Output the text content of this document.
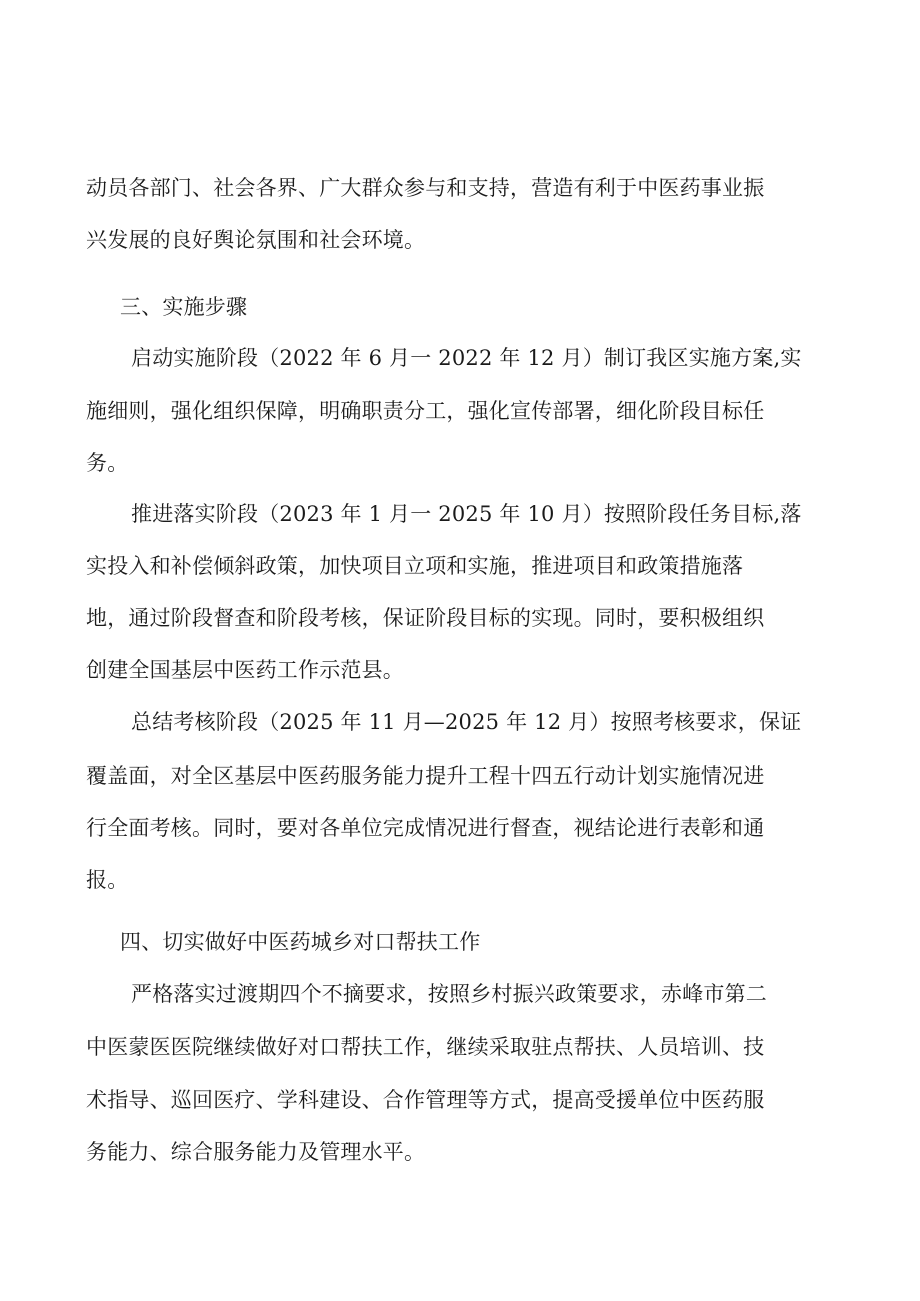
动员各部门、社会各界、广大群众参与和支持，营造有利于中医药事业振
兴发展的良好舆论氛围和社会环境。
三、实施步骤
启动实施阶段（2022 年 6 月一 2022 年 12 月）制订我区实施方案,实
施细则，强化组织保障，明确职责分工，强化宣传部署，细化阶段目标任
务。
推进落实阶段（2023 年 1 月一 2025 年 10 月）按照阶段任务目标,落
实投入和补偿倾斜政策，加快项目立项和实施，推进项目和政策措施落
地，通过阶段督查和阶段考核，保证阶段目标的实现。同时，要积极组织
创建全国基层中医药工作示范县。
总结考核阶段（2025 年 11 月—2025 年 12 月）按照考核要求，保证
覆盖面，对全区基层中医药服务能力提升工程十四五行动计划实施情况进
行全面考核。同时，要对各单位完成情况进行督查，视结论进行表彰和通
报。
四、切实做好中医药城乡对口帮扶工作
严格落实过渡期四个不摘要求，按照乡村振兴政策要求，赤峰市第二
中医蒙医医院继续做好对口帮扶工作，继续采取驻点帮扶、人员培训、技
术指导、巡回医疗、学科建设、合作管理等方式，提高受援单位中医药服
务能力、综合服务能力及管理水平。
